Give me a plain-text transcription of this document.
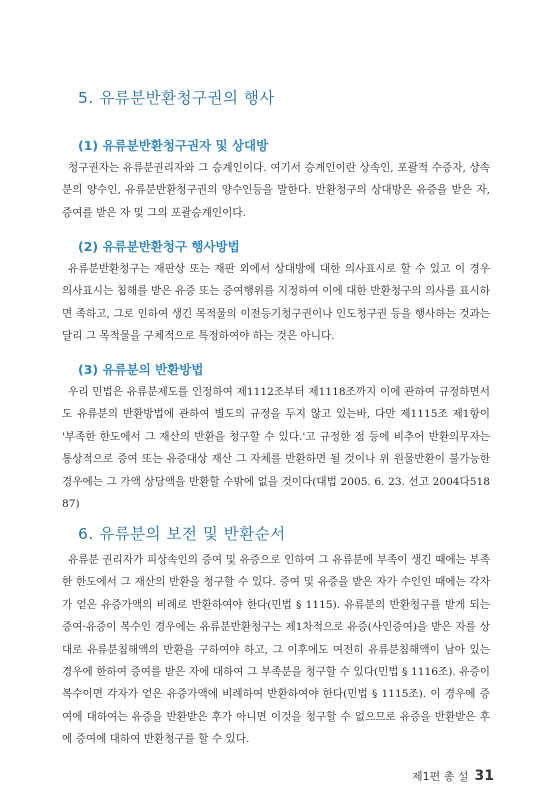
5. 유류분반환청구권의 행사
(1) 유류분반환청구권자 및 상대방

청구권자는 유류분권리자와 그 승계인이다. 여기서 승계인이란 상속인, 포괄적 수증자, 상속분의 양수인, 유류분반환청구권의 양수인등을 말한다. 반환청구의 상대방은 유증을 받은 자, 증여를 받은 자 및 그의 포괄승계인이다.

(2) 유류분반환청구 행사방법

유류분반환청구는 재판상 또는 재판 외에서 상대방에 대한 의사표시로 할 수 있고 이 경우 의사표시는 침해를 받은 유증 또는 증여행위를 지정하여 이에 대한 반환청구의 의사를 표시하면 족하고, 그로 인하여 생긴 목적물의 이전등기청구권이나 인도청구권 등을 행사하는 것과는 달리 그 목적물을 구체적으로 특정하여야 하는 것은 아니다.

(3) 유류분의 반환방법

우리 민법은 유류분제도를 인정하여 제1112조부터 제1118조까지 이에 관하여 규정하면서도 유류분의 반환방법에 관하여 별도의 규정을 두지 않고 있는바, 다만 제1115조 제1항이 '부족한 한도에서 그 재산의 반환을 청구할 수 있다.'고 규정한 점 등에 비추어 반환의무자는 통상적으로 증여 또는 유증대상 재산 그 자체를 반환하면 될 것이나 위 원물반환이 불가능한 경우에는 그 가액 상당액을 반환할 수밖에 없을 것이다(대법 2005. 6. 23. 선고 2004다51887)

6. 유류분의 보전 및 반환순서

유류분 권리자가 피상속인의 증여 및 유증으로 인하여 그 유류분에 부족이 생긴 때에는 부족한 한도에서 그 재산의 반환을 청구할 수 있다. 증여 및 유증을 받은 자가 수인인 때에는 각자가 얻은 유증가액의 비례로 반환하여야 한다(민법 § 1115). 유류분의 반환청구를 받게 되는 증여·유증이 복수인 경우에는 유류분반환청구는 제1차적으로 유증(사인증여)을 받은 자를 상대로 유류분침해액의 반환을 구하여야 하고, 그 이후에도 여전히 유류분침해액이 남아 있는 경우에 한하여 증여를 받은 자에 대하여 그 부족분을 청구할 수 있다(민법 § 1116조). 유증이 복수이면 각자가 얻은 유증가액에 비례하여 반환하여야 한다(민법 § 1115조). 이 경우에 증여에 대하여는 유증을 반환받은 후가 아니면 이것을 청구할 수 없으므로 유증을 반환받은 후에 증여에 대하여 반환청구를 할 수 있다.

제1편 총 설 31
